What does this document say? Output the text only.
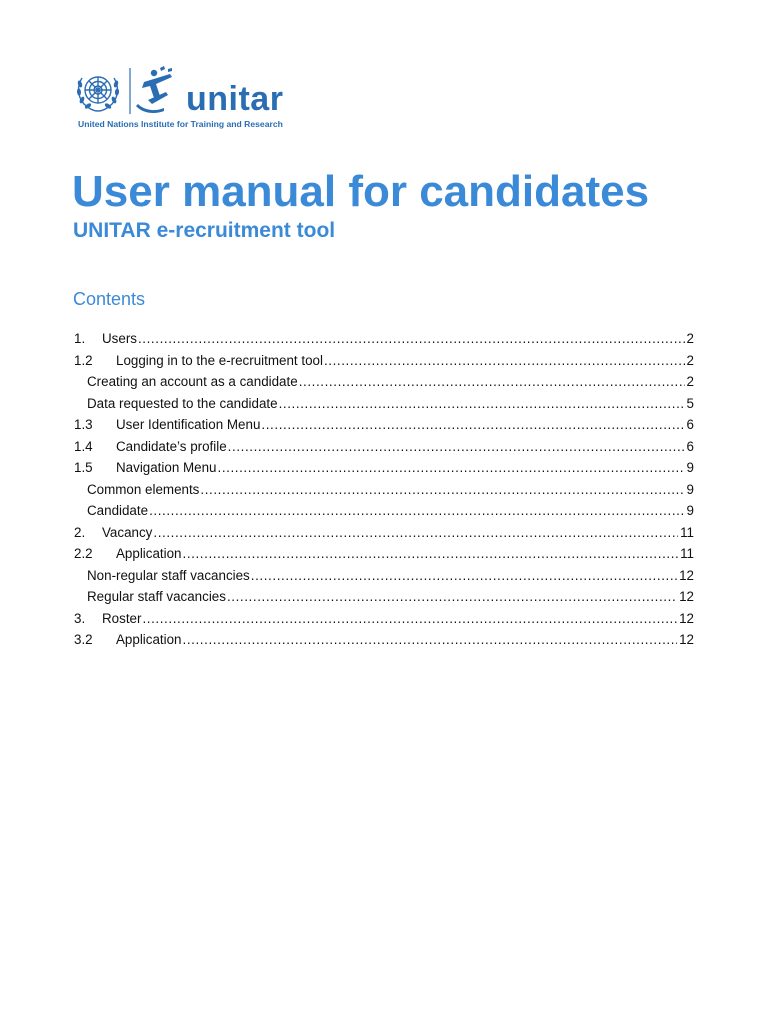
unitar
United Nations Institute for Training and Research
User manual for candidates
UNITAR e-recruitment tool
Contents
1.	Users .....	2
1.2	Logging in to the e-recruitment tool .....	2
Creating an account as a candidate .....	2
Data requested to the candidate .....	5
1.3	User Identification Menu .....	6
1.4	Candidate’s profile .....	6
1.5	Navigation Menu .....	9
Common elements .....	9
Candidate .....	9
2.	Vacancy .....	11
2.2	Application .....	11
Non-regular staff vacancies .....	12
Regular staff vacancies .....	12
3.	Roster .....	12
3.2	Application .....	12
